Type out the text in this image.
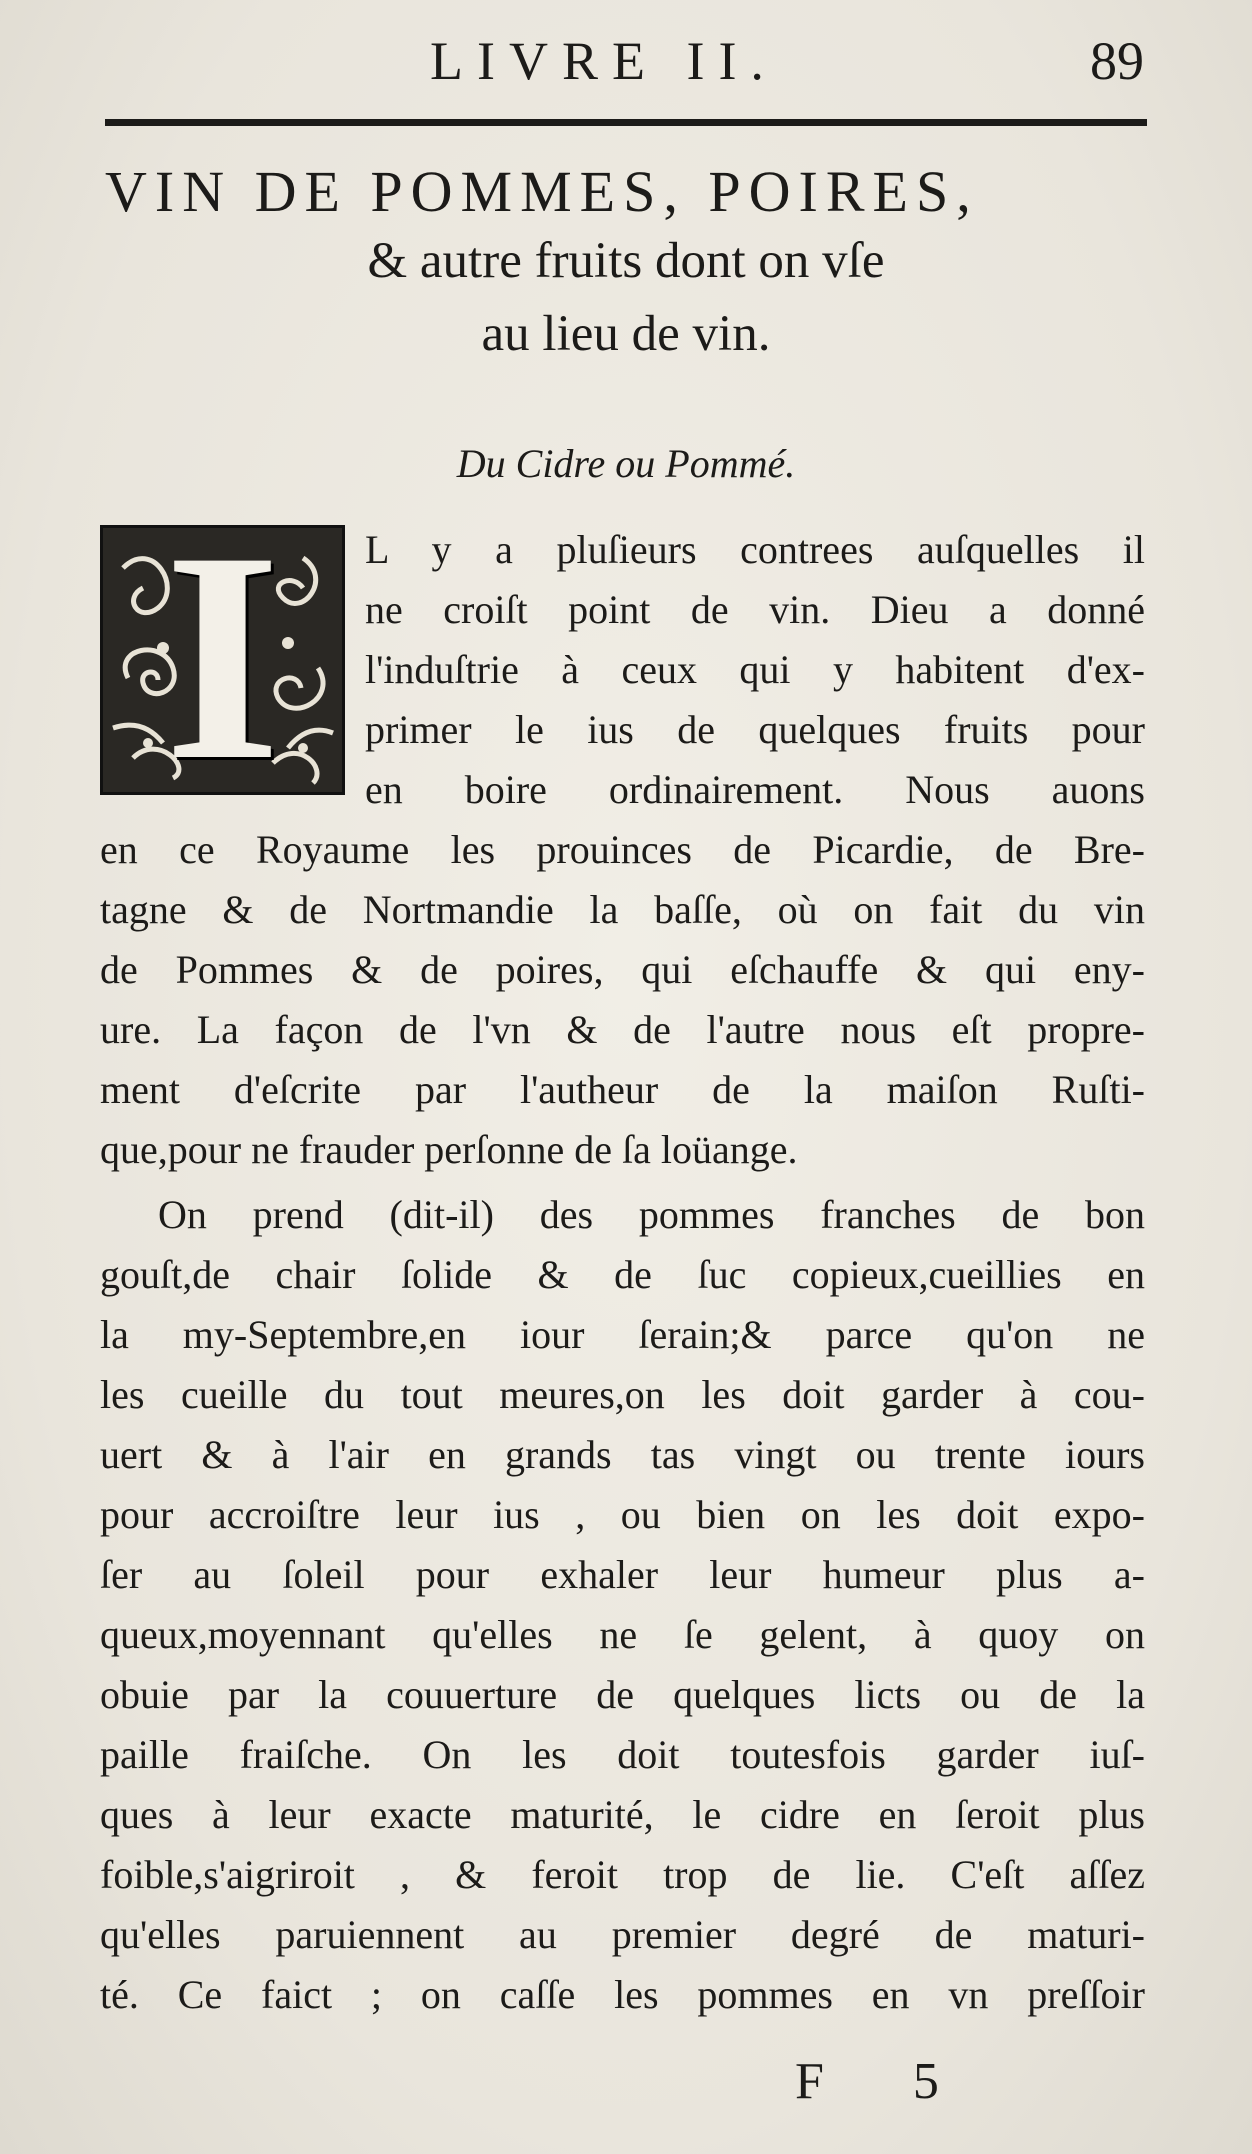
LIVRE II.	89
VIN DE POMMES, POIRES,
& autre fruits dont on vſe
au lieu de vin.
Du Cidre ou Pommé.
I	L y a pluſieurs contrees auſquelles il
ne croiſt point de vin. Dieu a donné
l'induſtrie à ceux qui y habitent d'ex-
primer le ius de quelques fruits pour
en boire ordinairement. Nous auons
en ce Royaume les prouinces de Picardie, de Bre-
tagne & de Nortmandie la baſſe, où on fait du vin
de Pommes & de poires, qui eſchauffe & qui eny-
ure. La façon de l'vn & de l'autre nous eſt propre-
ment d'eſcrite par l'autheur de la maiſon Ruſti-
que,pour ne frauder perſonne de ſa loüange.
On prend (dit-il) des pommes franches de bon
gouſt,de chair ſolide & de ſuc copieux,cueillies en
la my-Septembre,en iour ſerain;& parce qu'on ne
les cueille du tout meures,on les doit garder à cou-
uert & à l'air en grands tas vingt ou trente iours
pour accroiſtre leur ius , ou bien on les doit expo-
ſer au ſoleil pour exhaler leur humeur plus a-
queux,moyennant qu'elles ne ſe gelent, à quoy on
obuie par la couuerture de quelques licts ou de la
paille fraiſche. On les doit toutesfois garder iuſ-
ques à leur exacte maturité, le cidre en ſeroit plus
foible,s'aigriroit , & feroit trop de lie. C'eſt aſſez
qu'elles paruiennent au premier degré de maturi-
té. Ce faict ; on caſſe les pommes en vn preſſoir
F 5
